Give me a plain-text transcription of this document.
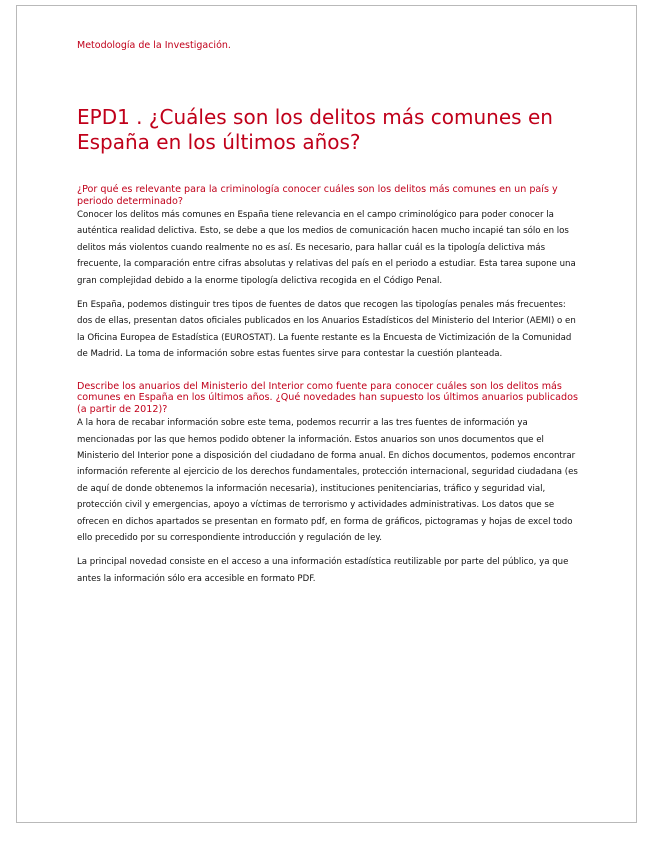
Metodología de la Investigación.
EPD1 . ¿Cuáles son los delitos más comunes en España en los últimos años?

¿Por qué es relevante para la criminología conocer cuáles son los delitos más comunes en un país y periodo determinado?

Conocer los delitos más comunes en España tiene relevancia en el campo criminológico para poder conocer la auténtica realidad delictiva. Esto, se debe a que los medios de comunicación hacen mucho incapié tan sólo en los delitos más violentos cuando realmente no es así. Es necesario, para hallar cuál es la tipología delictiva más frecuente, la comparación entre cifras absolutas y relativas del país en el periodo a estudiar. Esta tarea supone una gran complejidad debido a la enorme tipología delictiva recogida en el Código Penal.

En España, podemos distinguir tres tipos de fuentes de datos que recogen las tipologías penales más frecuentes: dos de ellas, presentan datos oficiales publicados en los Anuarios Estadísticos del Ministerio del Interior (AEMI) o en la Oficina Europea de Estadística (EUROSTAT). La fuente restante es la Encuesta de Victimización de la Comunidad de Madrid. La toma de información sobre estas fuentes sirve para contestar la cuestión planteada.

Describe los anuarios del Ministerio del Interior como fuente para conocer cuáles son los delitos más comunes en España en los últimos años. ¿Qué novedades han supuesto los últimos anuarios publicados (a partir de 2012)?

A la hora de recabar información sobre este tema, podemos recurrir a las tres fuentes de información ya mencionadas por las que hemos podido obtener la información. Estos anuarios son unos documentos que el Ministerio del Interior pone a disposición del ciudadano de forma anual. En dichos documentos, podemos encontrar información referente al ejercicio de los derechos fundamentales, protección internacional, seguridad ciudadana (es de aquí de donde obtenemos la información necesaria), instituciones penitenciarias, tráfico y seguridad vial, protección civil y emergencias, apoyo a víctimas de terrorismo y actividades administrativas. Los datos que se ofrecen en dichos apartados se presentan en formato pdf, en forma de gráficos, pictogramas y hojas de excel todo ello precedido por su correspondiente introducción y regulación de ley.

La principal novedad consiste en el acceso a una información estadística reutilizable por parte del público, ya que antes la información sólo era accesible en formato PDF.
